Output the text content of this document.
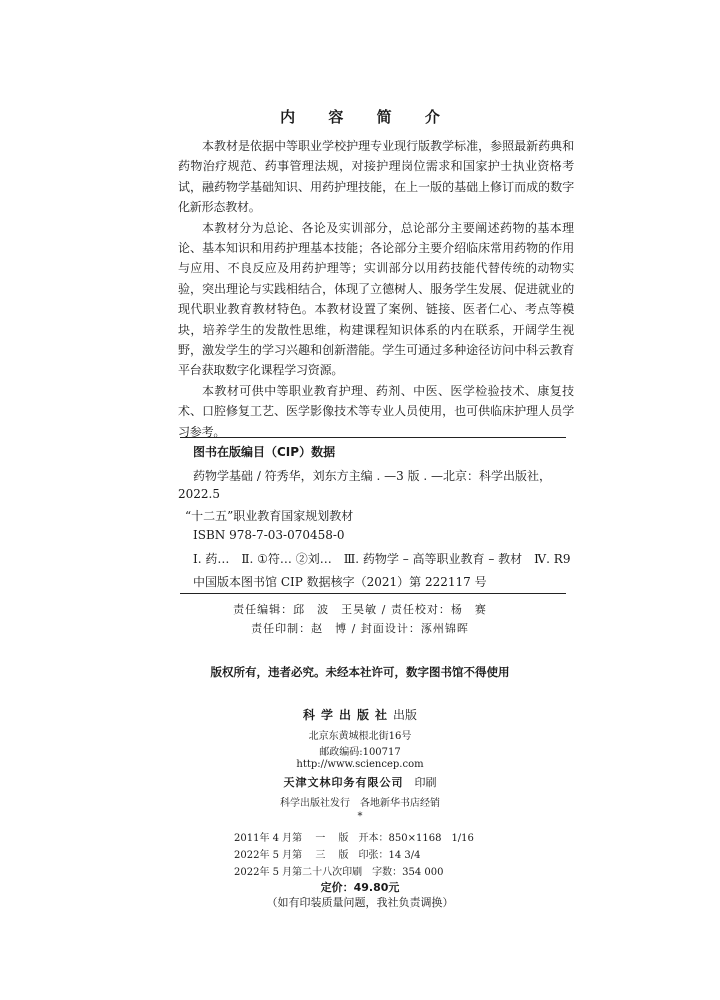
内 容 简 介

本教材是依据中等职业学校护理专业现行版教学标准，参照最新药典和药物治疗规范、药事管理法规，对接护理岗位需求和国家护士执业资格考试，融药物学基础知识、用药护理技能，在上一版的基础上修订而成的数字化新形态教材。

本教材分为总论、各论及实训部分，总论部分主要阐述药物的基本理论、基本知识和用药护理基本技能；各论部分主要介绍临床常用药物的作用与应用、不良反应及用药护理等；实训部分以用药技能代替传统的动物实验，突出理论与实践相结合，体现了立德树人、服务学生发展、促进就业的现代职业教育教材特色。本教材设置了案例、链接、医者仁心、考点等模块，培养学生的发散性思维，构建课程知识体系的内在联系，开阔学生视野，激发学生的学习兴趣和创新潜能。学生可通过多种途径访问中科云教育平台获取数字化课程学习资源。

本教材可供中等职业教育护理、药剂、中医、医学检验技术、康复技术、口腔修复工艺、医学影像技术等专业人员使用，也可供临床护理人员学习参考。

图书在版编目（CIP）数据
药物学基础 / 符秀华，刘东方主编 . —3 版 . —北京：科学出版社，
2022.5
“十二五”职业教育国家规划教材
ISBN 978-7-03-070458-0
Ⅰ. 药…　Ⅱ. ①符… ②刘…　Ⅲ. 药物学 – 高等职业教育 – 教材　Ⅳ. R9
中国版本图书馆 CIP 数据核字（2021）第 222117 号
责任编辑：邱　波　王昊敏 / 责任校对：杨　赛
责任印制：赵　博 / 封面设计：涿州锦晖
版权所有，违者必究。未经本社许可，数字图书馆不得使用
科学出版社出版
北京东黄城根北街16号
邮政编码:100717
http://www.sciencep.com
天津文林印务有限公司　 印刷
科学出版社发行　各地新华书店经销
*
2011年 4 月第　 一　 版　开本：850×1168　1/16
2022年 5 月第　 三　 版　印张：14 3/4
2022年 5 月第二十八次印刷　字数：354 000
定价：49.80元
（如有印装质量问题，我社负责调换）
